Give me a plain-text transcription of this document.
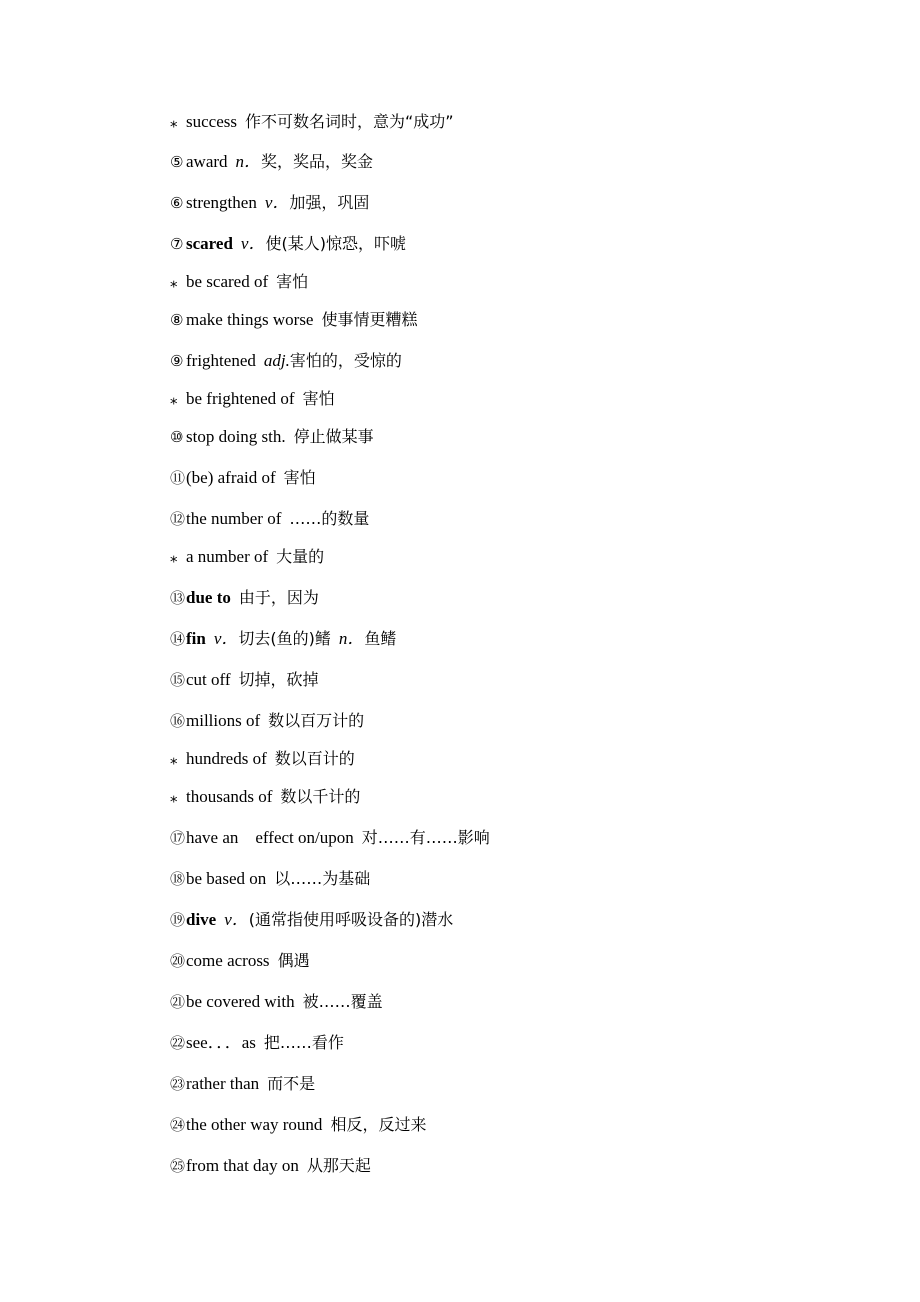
⁎ success 作不可数名词时，意为“成功”
⑤ award n．奖，奖品，奖金
⑥ strengthen v．加强，巩固
⑦ scared v．使(某人)惊恐，吓唬
⁎ be scared of 害怕
⑧ make things worse 使事情更糟糕
⑨ frightened adj.害怕的，受惊的
⁎ be frightened of 害怕
⑩ stop doing sth. 停止做某事
⑪(be) afraid of 害怕
⑫the number of ……的数量
⁎ a number of 大量的
⑬due to 由于，因为
⑭fin v．切去(鱼的)鳍 n．鱼鳍
⑮cut off 切掉，砍掉
⑯millions of 数以百万计的
⁎ hundreds of 数以百计的
⁎ thousands of 数以千计的
⑰have an　effect on/upon 对……有……影响
⑱be based on 以……为基础
⑲dive v．(通常指使用呼吸设备的)潜水
⑳come across 偶遇
㉑be covered with 被……覆盖
㉒see．．．as 把……看作
㉓rather than 而不是
㉔the other way round 相反，反过来
㉕from that day on 从那天起
